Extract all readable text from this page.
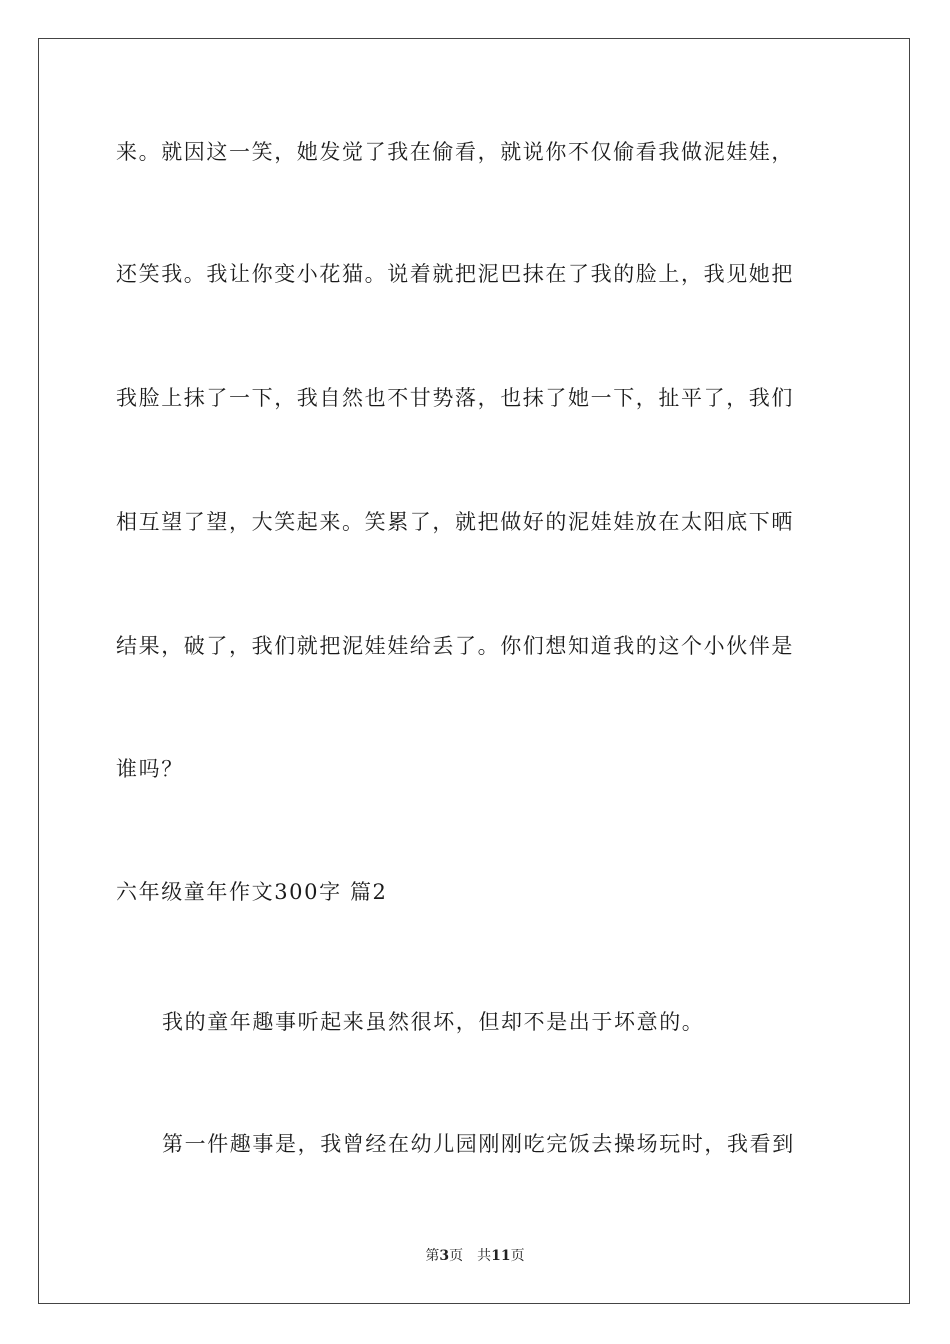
来。就因这一笑，她发觉了我在偷看，就说你不仅偷看我做泥娃娃，
还笑我。我让你变小花猫。说着就把泥巴抹在了我的脸上，我见她把
我脸上抹了一下，我自然也不甘势落，也抹了她一下，扯平了，我们
相互望了望，大笑起来。笑累了，就把做好的泥娃娃放在太阳底下晒
结果，破了，我们就把泥娃娃给丢了。你们想知道我的这个小伙伴是
谁吗？
六年级童年作文300字 篇2
我的童年趣事听起来虽然很坏，但却不是出于坏意的。
第一件趣事是，我曾经在幼儿园刚刚吃完饭去操场玩时，我看到
第3页　共11页
